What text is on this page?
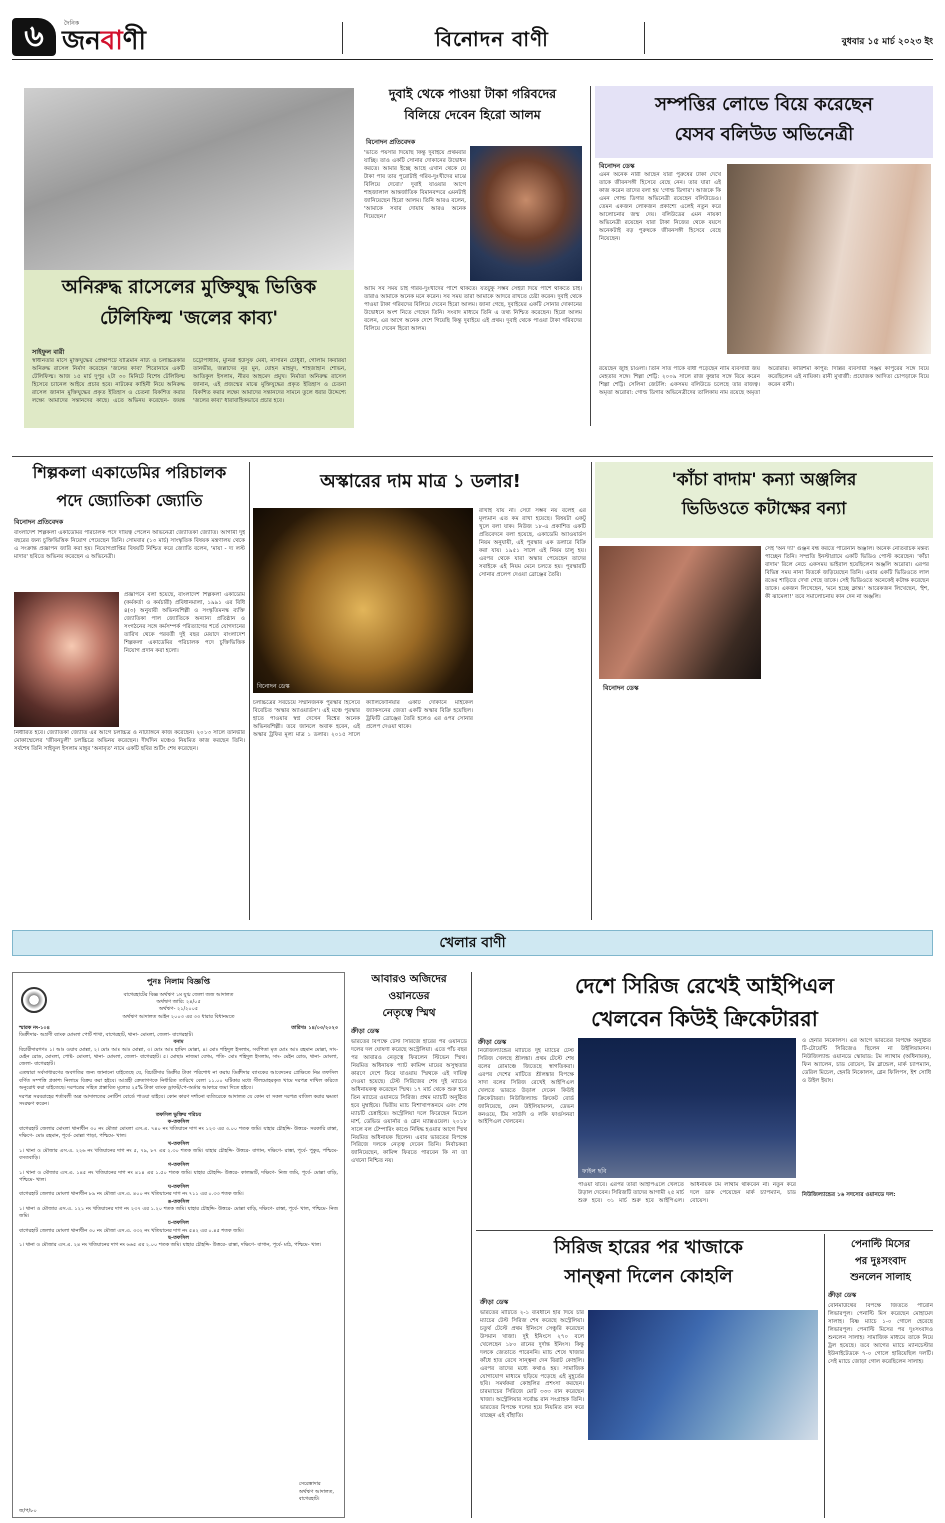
৬	দৈনিক
জনবাণী	বিনোদন বাণী	বুধবার ১৫ মার্চ ২০২৩ ইং
অনিরুদ্ধ রাসেলের মুক্তিযুদ্ধ ভিত্তিক
টেলিফিল্ম 'জলের কাব্য'
সাইফুল বারী
স্বাধীনতার মাসে মুক্তিযুদ্ধের প্রেক্ষাপটে যাত্রিমান নাট্য ও চলচ্চিত্রকার অনিরুদ্ধ রাসেল নির্মাণ করেছেন 'জলের কাব্য' শিরোনামে একটি টেলিফিল্ম। আজ ১৫ মার্চ দুপুর ২টা ৩০ মিনিটে বিশেষ টেলিফিল্ম হিসেবে চ্যানেল আইয়ে প্রচার হবে। নাটকের কাহিনী নিয়ে অনিরুদ্ধ রাসেল জানান মুক্তিযুদ্ধের প্রকৃত ইতিহাস ও চেতনা বিকশিত করার লক্ষ্যে আমাদের সন্তানদের কাছে। এতে অভিনয় করেছেন- জয়ন্ত চট্টোপাধ্যায়, মুনিরা ইউসুফ মেমী, নাসরিন চৌধুরী, গোলাম কিবরিয়া তানভীর, জল্লাদের নূর মুন, যোহন মাহমুদ, শাহজাহান শোভন, আতিকুল ইসলাম, নীরব আহমেদ প্রমুখ। নির্মাতা অনিরুদ্ধ রাসেল জানান, এই প্রজন্মের মাঝে মুক্তিযুদ্ধের প্রকৃত ইতিহাস ও চেতনা বিকশিত করার লক্ষ্যে আমাদের সন্তানদের সামনে তুলে ধরার উদ্দেশ্যে 'জলের কাব্য' ধারাবাহিকভাবে প্রচার হবে।
দুবাই থেকে পাওয়া টাকা গরিবদের
বিলিয়ে দেবেন হিরো আলম
বিনোদন প্রতিবেদক
'ভাতে পয়সার দিয়েছি কিন্তু দুবাইয়ে প্রথমবার যাচ্ছি। তাও একটি সোনার দোকানের উদ্বোধন করতে। আমার ইচ্ছে আছে এখান থেকে যে টাকা পাব তার পুরোটাই গরিব-দুঃখীদের মাঝে বিলিয়ে দেবো।' দুবাই যাওয়ার আগে শাহজালাল আন্তর্জাতিক বিমানবন্দরে এমনটাই জানিয়েছেন হিরো আলম। তিনি আরও বলেন, 'আমাকে সবার দোয়ায় আরও অনেক দিয়েছেন।'
আমি সব সময় চাই গরিব-দুঃখীদের পাশে থাকতে। যতটুকু সম্ভব সেইটা দিয়ে পাশে থাকতে চাই। তারাও আমাকে অনেক মনে করেন। সব সময় তারা আমাকে আদরে রাখতে চেষ্টা করেন। দুবাই থেকে পাওয়া টাকা গরিবদের বিলিয়ে দেবেন হিরো আলম। জানা গেছে, দুবাইয়ের একটি সোনার দোকানের উদ্বোধনে অংশ নিতে গেছেন তিনি। সংবাদ মাধ্যমে তিনি এ তথ্য নিশ্চিত করেছেন। হিরো আলম বলেন, এর আগে অনেক দেশে গিয়েছি কিন্তু দুবাইয়ে এই প্রথম। দুবাই থেকে পাওয়া টাকা গরিবদের বিলিয়ে দেবেন হিরো আলম।
সম্পত্তির লোভে বিয়ে করেছেন
যেসব বলিউড অভিনেত্রী
বিনোদন ডেস্ক
এমন অনেক নারী আছেন যারা পুরুষের টাকা দেখে তাকে জীবনসঙ্গী হিসেবে বেছে নেন। তার যারা এই কাজ করেন তাদের বলা হয় 'গোল্ড ডিগার'। আজকে কি এমন গোল্ড ডিগার অভিনেত্রী রয়েছেন বলিউডেও। তেমন একজন লোকজন প্রকাশ্যে এলেই নতুন করে আলোচনার জন্ম দেয়। বলিউডের এমন নায়কা অভিনেত্রী রয়েছেন যারা টাকা নিজের থেকে বয়সে অনেকটাই বড় পুরুষকে জীবনসঙ্গী হিসেবে বেছে নিয়েছেন।
রয়েছেন জুহি চাওলা। তিনি সাত পাকে বাঁধা পড়েছেন নামি ব্যবসায়ী জয় মেহতার সঙ্গে। শিল্পা শেট্টি: ২০০৯ সালে রাজ কুন্দ্রার সঙ্গে বিয়ে করেন শিল্পা শেট্টি। সেলিনা জেটলি: একসময় বলিউডে চলেছে তার রাজত্ব। অমৃতা অরোরা: গোল্ড ডিগার অভিনেত্রীদের তালিকায় নাম রয়েছে অমৃতা অরোরার। কারিশমা কাপুর: দিল্লির ব্যবসায়ী সঞ্জয় কাপুরের সঙ্গে বিয়ে করেছিলেন এই নায়িকা। রানী মুখার্জী: প্রযোজক আদিত্য চোপড়াকে বিয়ে করেন রানী।
শিল্পকলা একাডেমির পরিচালক
পদে জ্যোতিকা জ্যোতি
বিনোদন প্রতিবেদক
বাংলাদেশ শিল্পকলা একাডেমির পরিচালক পদে দায়িত্ব পেলেন অভিনেত্রী জ্যোতিকা জ্যোতি। আগামী দুই বছরের জন্য চুক্তিভিত্তিক নিয়োগ পেয়েছেন তিনি। সোমবার (১৩ মার্চ) সাংস্কৃতিক বিষয়ক মন্ত্রণালয় থেকে এ সংক্রান্ত প্রজ্ঞাপন জারি করা হয়। নিয়োগপ্রাপ্তির বিষয়টি নিশ্চিত করে জ্যোতি বলেন, 'মায়া - দ্য লস্ট মাদার' ছবিতে অভিনয় করেছেন এ অভিনেত্রী।
প্রজ্ঞাপনে বলা হয়েছে, বাংলাদেশ শিল্পকলা একাডেমি (কর্মকর্তা ও কর্মচারী) প্রবিধানমালা, ১৯৯১ এর বিধি ৪(৩) অনুযায়ী অভিনয়শিল্পী ও সংস্কৃতিমনস্ক ব্যক্তি জ্যোতিকা পাল জ্যোতিকে অন্যান্য প্রতিষ্ঠান ও সংগঠনের সঙ্গে কর্মসম্পর্ক পরিত্যাগের শর্তে যোগদানের তারিখ থেকে পরবর্তী দুই বছর মেয়াদে বাংলাদেশ শিল্পকলা একাডেমির পরিচালক পদে চুক্তিভিত্তিক নিয়োগ প্রদান করা হলো।
নির্ধারিত হবে। জ্যোতিকা জ্যোতি এর আগে চলচ্চিত্র ও নাট্যাঙ্গনে কাজ করেছেন। ২০১৩ সালে তানভীর মোকাম্মেলের 'জীবনঢুলী' চলচ্চিত্রে অভিনয় করেছেন। দীর্ঘদিন মঞ্চেও নিয়মিত কাজ করছেন তিনি। সর্বশেষ তিনি সাইফুল ইসলাম মান্নুর 'অনাবৃত' নামে একটি ছবির শুটিং শেষ করেছেন।
অস্কারের দাম মাত্র ১ ডলার!
বিনোদন ডেস্ক
রাখাই যায় না। সেটা সম্ভব নয় বলেই এর মূল্যমান এত কম রাখা হয়েছে। বিষয়টা একটু খুলে বলা যাক। নিউজ ১৮-এ প্রকাশিত একটি প্রতিবেদনে বলা হয়েছে, একাডেমি অ্যাওয়ার্ডস নিয়ম অনুযায়ী, এই পুরস্কার এক ডলারে বিক্রি করা যায়। ১৯৫১ সালে এই নিয়ম চালু হয়। এরপর থেকে যারা অস্কার পেয়েছেন তাদের সবাইকে এই নিয়ম মেনে চলতে হয়। পুরস্কারটি সোনার প্রলেপ দেওয়া ব্রোঞ্জের তৈরি।
চলচ্চিত্রের সবচেয়ে সম্মানজনক পুরস্কার হিসেবে বিবেচিত 'অস্কার অ্যাওয়ার্ডস'। এই মঞ্চে পুরস্কার হাতে পাওয়ার স্বপ্ন দেখেন বিশ্বের অনেক অভিনয়শিল্পী। তবে জানলে অবাক হবেন, এই অস্কার ট্রফির মূল্য মাত্র ১ ডলার। ২০১৫ সালে ক্যালিফোর্নিয়ার একটি দোকানে মাইকেল জ্যাকসনের জেতা একটি অস্কার বিক্রি হয়েছিল। ট্রফিটি ব্রোঞ্জের তৈরি হলেও এর ওপর সোনার প্রলেপ দেওয়া থাকে।
'কাঁচা বাদাম' কন্যা অঞ্জলির
ভিডিওতে কটাক্ষের বন্যা
বিনোদন ডেস্ক
সেই 'অন দ্যা' গুঞ্জন বন্ধ করতে পারেননি অঞ্জলি। অনেক নেতিবাচক মন্তব্য পাচ্ছেন তিনি। সম্প্রতি ইনস্টাগ্রামে একটি ভিডিও পোস্ট করেছেন। 'কাঁচা বাদাম' রিলে নেচে একসময় ভাইরাল হয়েছিলেন অঞ্জলি অরোরা। এরপর বিভিন্ন সময় নানা বিতর্কে জড়িয়েছেন তিনি। এবার একটি ভিডিওতে লাল রঙের শাড়িতে দেখা গেছে তাকে। সেই ভিডিওতে অনেকেই কটাক্ষ করেছেন তাকে। একজন লিখেছেন, 'মনে হচ্ছে ক্লান্ত।' আরেকজন লিখেছেন, 'ইশ, কী ঝামেলা!' তবে সমালোচনায় কান দেন না অঞ্জলি।
খেলার বাণী
পুনঃ নিলাম বিজ্ঞপ্তি
বাগেরহাটের বিজ্ঞ অর্থঋণ ১ম যুগ্ম জেলা জজ আদালত
অর্থঋণ জারি: ২৪/০৫
অর্থঋণ- ২১/২০০৫
অর্থঋণ আদালত আইন ২০০৩ এর ৩৩ ধারার বিধানমতে
স্মারক নং-১০৪	তারিখঃ ১৪/০৩/২০২৩
ডিক্রীদার- অগ্রণী ব্যাংক মোংলা পোর্ট শাখা, বাগেরহাট, থানা- মোংলা, জেলা- বাগেরহাট।
বনাম
বিচারীদারগণঃ ১। আঃ ওয়াব মোল্লা, ২। মোঃ আঃ আঃ মোল্লা, ৩। মোঃ আঃ হামিদ মোল্লা, ৪। মোঃ শহিদুল ইসলাম, সর্বপিতা মৃত মোঃ আঃ রহমান মোল্লা, সাং- মেইন রোড, মোংলা, পোষ্ট- মোংলা, থানা- মোংলা, জেলা- বাগেরহাট। ৫। মোছাঃ নাজমা বেগম, পতি- মোঃ শহিদুল ইসলাম, সাং- মেইন রোড, থানা- মোংলা, জেলা- বাগেরহাট।
এতদ্বারা সর্বসাধারণের অবগতির জন্য জানানো যাইতেছে যে, বিচারীদার ডিক্রীর টাকা পরিশোধ না করায় ডিক্রীদার ব্যাংকের আবেদনের প্রেক্ষিতে নিম্ন তফসিল বর্ণিত সম্পত্তি প্রকাশ্য নিলামে বিক্রয় করা হইবে। আগ্রহী ক্রেতাগণকে নির্ধারিত তারিখে বেলা ১১.০০ ঘটিকার মধ্যে সীলমোহরকৃত খামে দরপত্র দাখিল করিতে অনুরোধ করা যাইতেছে। দরপত্রের সহিত প্রস্তাবিত মূল্যের ২৫% টাকা ব্যাংক ড্রাফট/পে-অর্ডার আকারে জমা দিতে হইবে।
দরপত্র সরবরাহের শর্তাবলী অত্র আদালতের নোটিশ বোর্ডে পাওয়া যাইবে। কোন কারণ দর্শানো ব্যতিরেকে আদালত যে কোন বা সকল দরপত্র বাতিল করার ক্ষমতা সংরক্ষণ করেন।
তফসিল ভুক্তির পরিচয়
ক-তফসিল
বাগেরহাট জেলার মোংলা থানাধীন ৩০ নং মৌজা মোংলা এস.এ. ৭৪০ নং খতিয়ানে দাগ নং ১২৩ এর ৩.০০ শতক জমি। যাহার চৌহদ্দি- উত্তরে- সরকারি রাস্তা, দক্ষিণে- মোঃ রহমান, পূর্বে- মোল্লা পাড়া, পশ্চিমে- খাল।
খ-তফসিল
১। থানা ও মৌজার এস.এ. ২২৬ নং খতিয়ানের দাগ নং ৫, ৭৯, ৮৭ এর ২.৩০ শতক জমি। যাহার চৌহদ্দি- উত্তরে- বাগান, দক্ষিণে- রাস্তা, পূর্বে- পুকুর, পশ্চিমে- বসতবাড়ি।
গ-তফসিল
১। থানা ও মৌজার এস.এ. ১৪৫ নং খতিয়ানের দাগ নং ৪১৪ এর ১.৫০ শতক জমি। যাহার চৌহদ্দি- উত্তরে- কালভার্ট, দক্ষিণে- নিজ জমি, পূর্বে- মোল্লা বাড়ি, পশ্চিমে- খাল।
ঘ-তফসিল
বাগেরহাট জেলার মোংলা থানাধীন ৮৯ নং মৌজা এস.এ. ৪০০ নং খতিয়ানের দাগ নং ৭১১ এর ০.৩৩ শতক জমি।
ঙ-তফসিল
১। থানা ও মৌজার এস.এ. ১২১ নং খতিয়ানের দাগ নং ২৩৭ এর ১.২০ শতক জমি। যাহার চৌহদ্দি- উত্তরে- মোল্লা বাড়ি, দক্ষিণে- রাস্তা, পূর্বে- খাল, পশ্চিমে- নিজ জমি।
চ-তফসিল
বাগেরহাট জেলার মোংলা থানাধীন ৩০ নং মৌজা এস.এ. ৩৩২ নং খতিয়ানের দাগ নং ৫৪২ এর ০.৪৫ শতক জমি।
ছ-তফসিল
১। থানা ও মৌজার এস.এ. ২৪ নং খতিয়ানের দাগ নং ৬৬৫ এর ২.০০ শতক জমি। যাহার চৌহদ্দি- উত্তরে- রাস্তা, দক্ষিণে- বাগান, পূর্বে- মাঠ, পশ্চিমে- খাল।
সেরেস্তাদার
অর্থঋণ আদালত,
বাগেরহাট।
জ/প/৮০
আবারও অজিদের
ওয়ানডের
নেতৃত্বে স্মিথ
ক্রীড়া ডেস্ক
ভারতের বিপক্ষে টেস্ট সিরিজে হারের পর ওয়ানডে দলের দল ঘোষণা করেছে অস্ট্রেলিয়া। এতে পাঁচ বছর পর আবারও নেতৃত্বে ফিরলেন স্টিভেন স্মিথ। নিয়মিত অধিনায়ক প্যাট কামিন্স মায়ের অসুস্থতার কারণে দেশে ফিরে যাওয়ায় স্মিথকে এই দায়িত্ব দেওয়া হয়েছে। টেস্ট সিরিজের শেষ দুই ম্যাচেও অধিনায়কত্ব করেছেন স্মিথ। ১৭ মার্চ থেকে শুরু হবে তিন ম্যাচের ওয়ানডে সিরিজ। প্রথম ম্যাচটি অনুষ্ঠিত হবে মুম্বাইয়ে। দ্বিতীয় ম্যাচ বিশাখাপত্তনমে এবং শেষ ম্যাচটি চেন্নাইয়ে। অস্ট্রেলিয়া দলে ফিরেছেন মিচেল মার্শ, ডেভিড ওয়ার্নার ও গ্লেন ম্যাক্সওয়েল। ২০১৮ সালে বল টেম্পারিং কাণ্ডে নিষিদ্ধ হওয়ার আগে স্মিথ নিয়মিত অধিনায়ক ছিলেন। এবার ভারতের বিপক্ষে সিরিজে দলকে নেতৃত্ব দেবেন তিনি। নির্বাচকরা জানিয়েছেন, কামিন্স ফিরতে পারবেন কি না তা এখনো নিশ্চিত নয়।
দেশে সিরিজ রেখেই আইপিএল
খেলবেন কিউই ক্রিকেটাররা
ক্রীড়া ডেস্ক
নিউজিল্যান্ডের মাটিতে দুই ম্যাচের টেস্ট সিরিজ খেলছে শ্রীলঙ্কা। প্রথম টেস্টে শেষ বলের রোমাঞ্চে জিতেছে স্বাগতিকরা। এরপর দেশের মাটিতে শ্রীলঙ্কার বিপক্ষে সাদা বলের সিরিজ রেখেই আইপিএল খেলতে ভারতে উড়াল দেবেন কিউই ক্রিকেটাররা। নিউজিল্যান্ড ক্রিকেট বোর্ড জানিয়েছে, কেন উইলিয়ামসন, ডেভন কনওয়ে, টিম সাউদি ও লকি ফার্গুসনরা আইপিএল খেলবেন।
ফাইল ছবি
পাওয়া যাবে। এরপর তারা আইপিএলে খেলতে উড়াল দেবেন। সিরিজটি তাদের আগামী ২৫ মার্চ শুরু হবে। ৩১ মার্চ শুরু হবে আইপিএল। অধিনায়ক টম লাথাম থাকবেন না। নতুন করে দলে ডাক পেয়েছেন মার্ক চ্যাপম্যান, চাড বোয়েস।
ও হেনরি নিকোলস। এর আগে ভারতের বিপক্ষে অনুষ্ঠিত টি-টোয়েন্টি সিরিজেও ছিলেন না উইলিয়ামসন। নিউজিল্যান্ড ওয়ানডে স্কোয়াড: টম ল্যাথাম (অধিনায়ক), ফিন অ্যালেন, চাড বোয়েস, টম ব্লান্ডেল, মার্ক চ্যাপম্যান, ডেরিল মিচেল, হেনরি নিকোলস, গ্লেন ফিলিপস, ইশ সোধি ও উইল ইয়াং।
নিউজিল্যান্ডের ১৬ সদস্যের ওয়ানডে দল:
সিরিজ হারের পর খাজাকে
সান্ত্বনা দিলেন কোহলি
ক্রীড়া ডেস্ক
ভারতের মাটিতে ২-১ ব্যবধানে হার দিয়ে চার ম্যাচের টেস্ট সিরিজ শেষ করেছে অস্ট্রেলিয়া। চতুর্থ টেস্টে প্রথম ইনিংসে সেঞ্চুরি করেছেন উসমান খাজা। দুই ইনিংসে ২৭০ বলে খেলেছেন ১৮০ রানের দুর্দান্ত ইনিংস। কিন্তু দলকে জেতাতে পারেননি। ম্যাচ শেষে খাজার কাঁধে হাত রেখে সান্ত্বনা দেন বিরাট কোহলি। এরপর তাদের মধ্যে কথাও হয়। সামাজিক যোগাযোগ মাধ্যমে ছড়িয়ে পড়েছে এই মুহূর্তের ছবি। সমর্থকরা কোহলির প্রশংসা করছেন। চারম্যাচের সিরিজে মোট ৩৩৩ রান করেছেন খাজা। অস্ট্রেলিয়ার সর্বোচ্চ রান সংগ্রাহক তিনি। ভারতের বিপক্ষে দলের হয়ে নিয়মিত রান করে যাচ্ছেন এই বাঁহাতি।
পেনাল্টি মিসের
পর দুঃসংবাদ
শুনলেন সালাহ
ক্রীড়া ডেস্ক
বোর্নমাউথের বিপক্ষে জিততে পারেনি লিভারপুল। পেনাল্টি মিস করেছেন মোহামেদ সালাহ। বিষ্ণ ম্যাচে ১-০ গোলে হেরেছে লিভারপুল। পেনাল্টি মিসের পর দুঃসংবাদও শুনলেন সালাহ। সামাজিক মাধ্যমে তাকে নিয়ে ট্রল হয়েছে। তবে আগের ম্যাচে ম্যানচেস্টার ইউনাইটেডকে ৭-০ গোলে হারিয়েছিল দলটি। সেই ম্যাচে জোড়া গোল করেছিলেন সালাহ।
